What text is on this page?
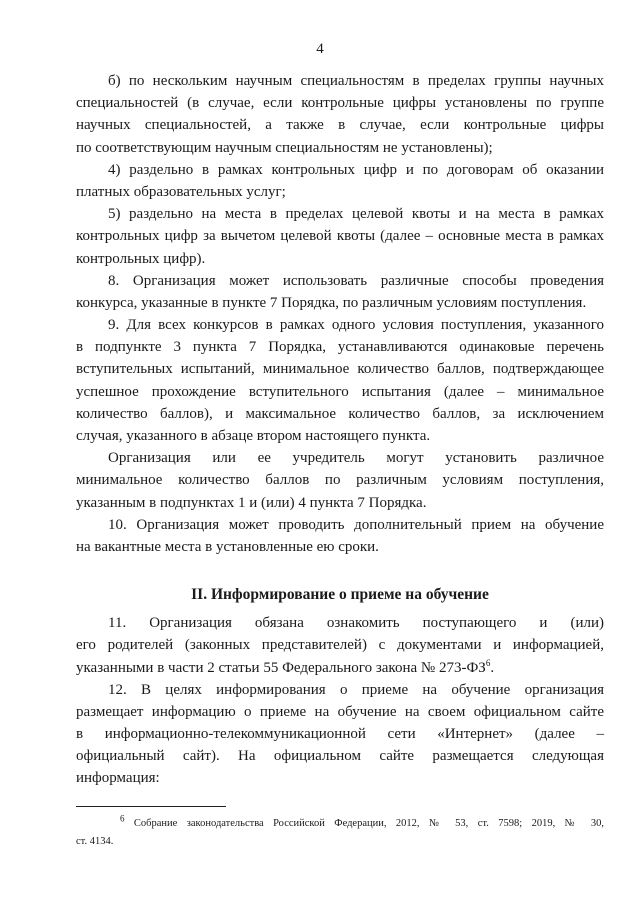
4
б) по нескольким научным специальностям в пределах группы научных
специальностей (в случае, если контрольные цифры установлены по группе
научных специальностей, а также в случае, если контрольные цифры
по соответствующим научным специальностям не установлены);
4) раздельно в рамках контрольных цифр и по договорам об оказании
платных образовательных услуг;
5) раздельно на места в пределах целевой квоты и на места в рамках
контрольных цифр за вычетом целевой квоты (далее – основные места в рамках
контрольных цифр).
8. Организация может использовать различные способы проведения
конкурса, указанные в пункте 7 Порядка, по различным условиям поступления.
9. Для всех конкурсов в рамках одного условия поступления, указанного
в подпункте 3 пункта 7 Порядка, устанавливаются одинаковые перечень
вступительных испытаний, минимальное количество баллов, подтверждающее
успешное прохождение вступительного испытания (далее – минимальное
количество баллов), и максимальное количество баллов, за исключением
случая, указанного в абзаце втором настоящего пункта.
Организация или ее учредитель могут установить различное
минимальное количество баллов по различным условиям поступления,
указанным в подпунктах 1 и (или) 4 пункта 7 Порядка.
10. Организация может проводить дополнительный прием на обучение
на вакантные места в установленные ею сроки.
II. Информирование о приеме на обучение
11. Организация обязана ознакомить поступающего и (или)
его родителей (законных представителей) с документами и информацией,
указанными в части 2 статьи 55 Федерального закона № $273-ФЗ^6$.
12. В целях информирования о приеме на обучение организация
размещает информацию о приеме на обучение на своем официальном сайте
в информационно-телекоммуникационной сети «Интернет» (далее –
официальный сайт). На официальном сайте размещается следующая
информация:
$^6$ Собрание законодательства Российской Федерации, 2012, № 53, ст. 7598; 2019, № 30,
ст. 4134.
